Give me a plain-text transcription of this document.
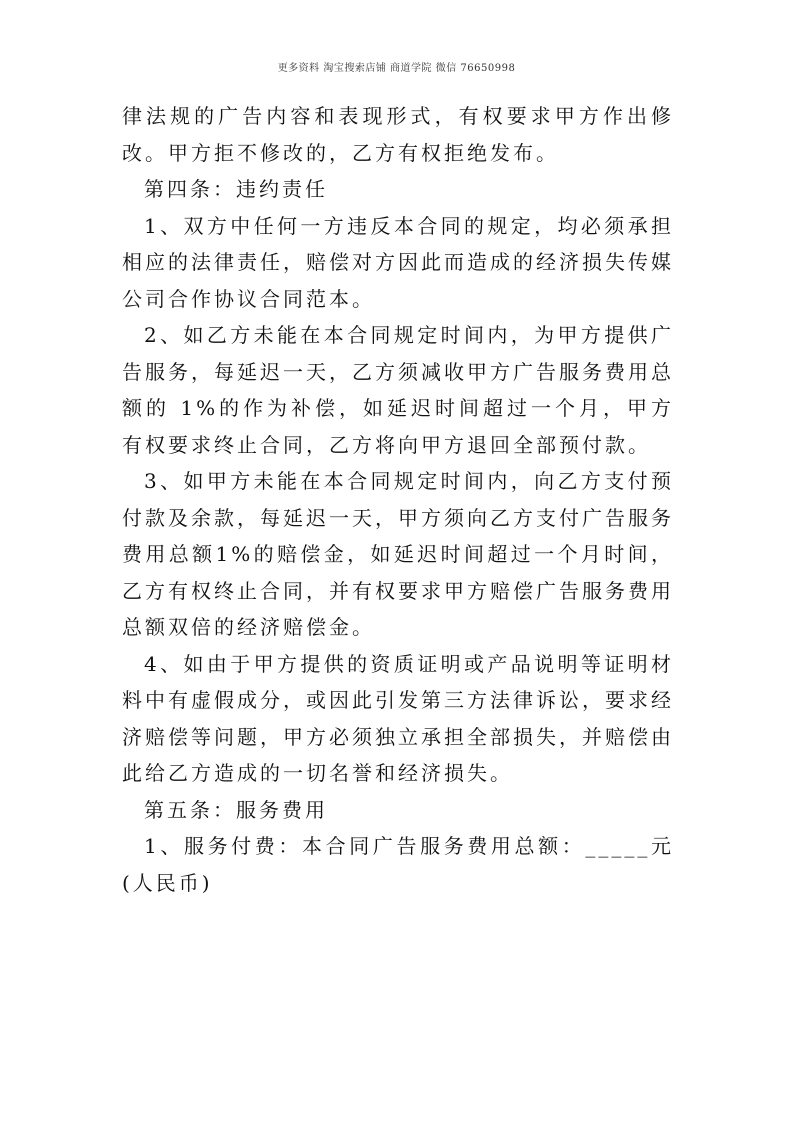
更多资料 淘宝搜索店铺 商道学院 微信 76650998

律法规的广告内容和表现形式，有权要求甲方作出修改。甲方拒不修改的，乙方有权拒绝发布。

第四条：违约责任

1、双方中任何一方违反本合同的规定，均必须承担相应的法律责任，赔偿对方因此而造成的经济损失传媒公司合作协议合同范本。

2、如乙方未能在本合同规定时间内，为甲方提供广告服务，每延迟一天，乙方须减收甲方广告服务费用总额的 1%的作为补偿，如延迟时间超过一个月，甲方有权要求终止合同，乙方将向甲方退回全部预付款。

3、如甲方未能在本合同规定时间内，向乙方支付预付款及余款，每延迟一天，甲方须向乙方支付广告服务费用总额1%的赔偿金，如延迟时间超过一个月时间，乙方有权终止合同，并有权要求甲方赔偿广告服务费用总额双倍的经济赔偿金。

4、如由于甲方提供的资质证明或产品说明等证明材料中有虚假成分，或因此引发第三方法律诉讼，要求经济赔偿等问题，甲方必须独立承担全部损失，并赔偿由此给乙方造成的一切名誉和经济损失。

第五条：服务费用

1、服务付费：本合同广告服务费用总额：_____元(人民币)
